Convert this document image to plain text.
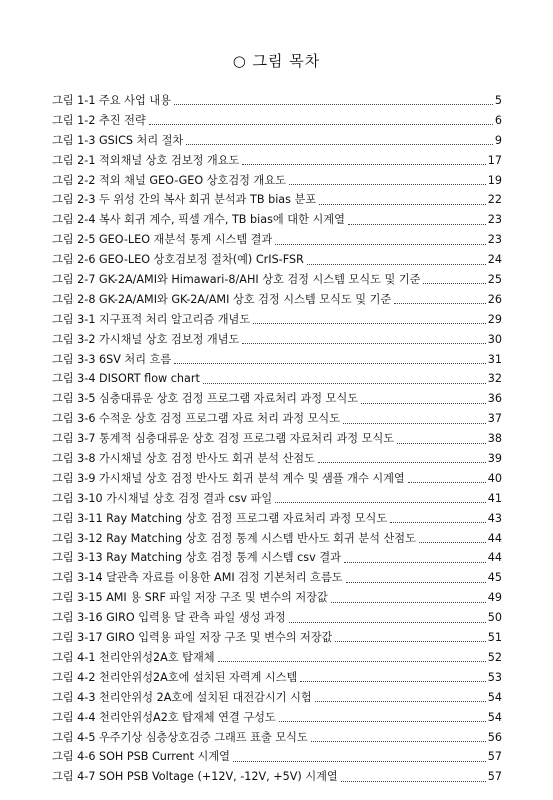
○ 그림 목차
그림 1-1 주요 사업 내용	5
그림 1-2 추진 전략	6
그림 1-3 GSICS 처리 절차	9
그림 2-1 적외채널 상호 검보정 개요도	17
그림 2-2 적외 채널 GEO-GEO 상호검정 개요도	19
그림 2-3 두 위성 간의 복사 회귀 분석과 TB bias 분포	22
그림 2-4 복사 회귀 계수, 픽셀 개수, TB bias에 대한 시계열	23
그림 2-5 GEO-LEO 재분석 통계 시스템 결과	23
그림 2-6 GEO-LEO 상호검보정 절차(예) CrIS-FSR	24
그림 2-7 GK-2A/AMI와 Himawari-8/AHI 상호 검정 시스템 모식도 및 기준	25
그림 2-8 GK-2A/AMI와 GK-2A/AMI 상호 검정 시스템 모식도 및 기준	26
그림 3-1 지구표적 처리 알고리즘 개념도	29
그림 3-2 가시채널 상호 검보정 개념도	30
그림 3-3 6SV 처리 흐름	31
그림 3-4 DISORT flow chart	32
그림 3-5 심층대류운 상호 검정 프로그램 자료처리 과정 모식도	36
그림 3-6 수적운 상호 검정 프로그램 자료 처리 과정 모식도	37
그림 3-7 통계적 심층대류운 상호 검정 프로그램 자료처리 과정 모식도	38
그림 3-8 가시채널 상호 검정 반사도 회귀 분석 산점도	39
그림 3-9 가시채널 상호 검정 반사도 회귀 분석 계수 및 샘플 개수 시계열	40
그림 3-10 가시채널 상호 검정 결과 csv 파일	41
그림 3-11 Ray Matching 상호 검정 프로그램 자료처리 과정 모식도	43
그림 3-12 Ray Matching 상호 검정 통계 시스템 반사도 회귀 분석 산점도	44
그림 3-13 Ray Matching 상호 검정 통계 시스템 csv 결과	44
그림 3-14 달관측 자료를 이용한 AMI 검정 기본처리 흐름도	45
그림 3-15 AMI 용 SRF 파일 저장 구조 및 변수의 저장값	49
그림 3-16 GIRO 입력용 달 관측 파일 생성 과정	50
그림 3-17 GIRO 입력용 파일 저장 구조 및 변수의 저장값	51
그림 4-1 천리안위성2A호 탑재체	52
그림 4-2 천리안위성2A호에 설치된 자력계 시스템	53
그림 4-3 천리안위성 2A호에 설치된 대전감시기 시험	54
그림 4-4 천리안위성A2호 탑재체 연결 구성도	54
그림 4-5 우주기상 심층상호검증 그래프 표출 모식도	56
그림 4-6 SOH PSB Current 시계열	57
그림 4-7 SOH PSB Voltage (+12V, -12V, +5V) 시계열	57
